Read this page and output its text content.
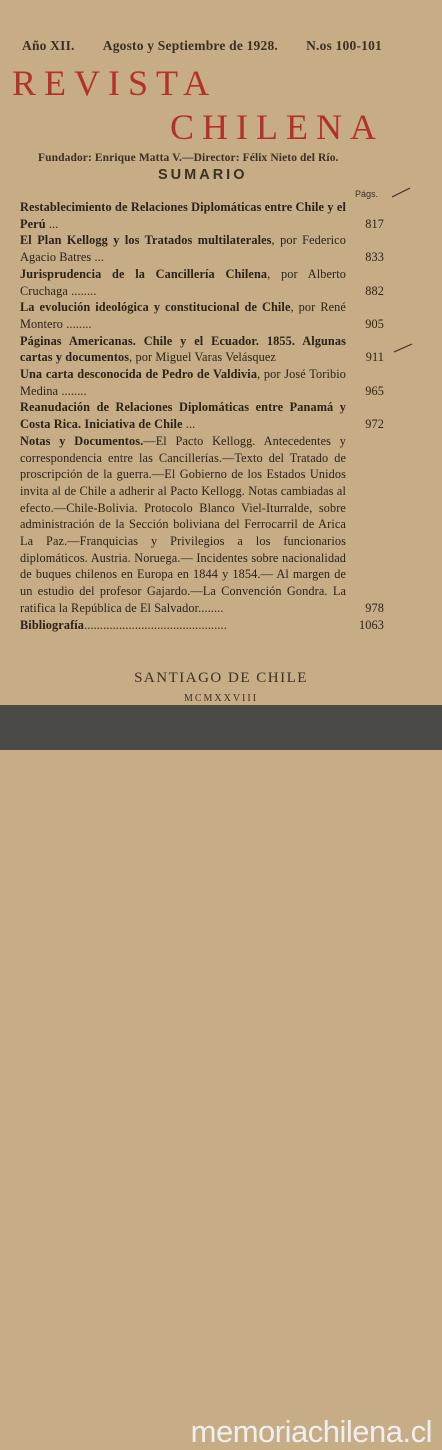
Año XII. Agosto y Septiembre de 1928. N.os 100-101
REVISTA
CHILENA
Fundador: Enrique Matta V.—Director: Félix Nieto del Río.
SUMARIO
Págs.
Restablecimiento de Relaciones Diplomáticas entre Chile y el Perú ...	817
El Plan Kellogg y los Tratados multilaterales, por Federico Agacio Batres ...	833
Jurisprudencia de la Cancillería Chilena, por Alberto Cruchaga ........	882
La evolución ideológica y constitucional de Chile, por René Montero ........	905
Páginas Americanas. Chile y el Ecuador. 1855. Algunas cartas y documentos, por Miguel Varas Velásquez	911
Una carta desconocida de Pedro de Valdivia, por José Toribio Medina ........	965
Reanudación de Relaciones Diplomáticas entre Panamá y Costa Rica. Iniciativa de Chile ...	972
Notas y Documentos.—El Pacto Kellogg. Antecedentes y correspondencia entre las Cancillerías.—Texto del Tratado de proscripción de la guerra.—El Gobierno de los Estados Unidos invita al de Chile a adherir al Pacto Kellogg. Notas cambiadas al efecto.—Chile-Bolivia. Protocolo Blanco Viel-Iturralde, sobre administración de la Sección boliviana del Ferrocarril de Arica La Paz.—Franquicias y Privilegios a los funcionarios diplomáticos. Austria. Noruega.— Incidentes sobre nacionalidad de buques chilenos en Europa en 1844 y 1854.— Al margen de un estudio del profesor Gajardo.—La Convención Gondra. La ratifica la República de El Salvador........	978
Bibliografía.............................................	1063
SANTIAGO DE CHILE
MCMXXVIII
memoriachilena.cl
